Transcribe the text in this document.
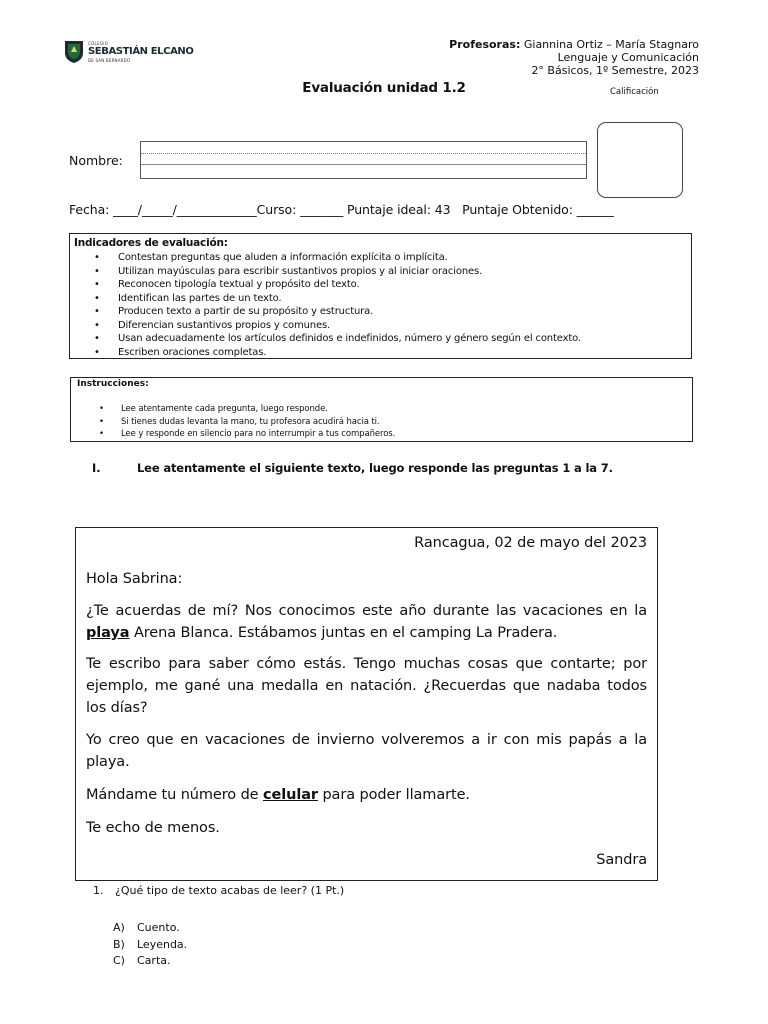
COLEGIO
SEBASTIÁN ELCANO
DE SAN BERNARDO
Profesoras: Giannina Ortiz – María Stagnaro
Lenguaje y Comunicación
2° Básicos, 1º Semestre, 2023
Evaluación unidad 1.2	Calificación
Nombre:
Fecha: ____/_____/_____________Curso: _______ Puntaje ideal: 43   Puntaje Obtenido: ______
Indicadores de evaluación:
• Contestan preguntas que aluden a información explícita o implícita.
• Utilizan mayúsculas para escribir sustantivos propios y al iniciar oraciones.
• Reconocen tipología textual y propósito del texto.
• Identifican las partes de un texto.
• Producen texto a partir de su propósito y estructura.
• Diferencian sustantivos propios y comunes.
• Usan adecuadamente los artículos definidos e indefinidos, número y género según el contexto.
• Escriben oraciones completas.
Instrucciones:
• Lee atentamente cada pregunta, luego responde.
• Si tienes dudas levanta la mano, tu profesora acudirá hacia ti.
• Lee y responde en silencio para no interrumpir a tus compañeros.
I.	Lee atentamente el siguiente texto, luego responde las preguntas 1 a la 7.
Rancagua, 02 de mayo del 2023

Hola Sabrina:

¿Te acuerdas de mí? Nos conocimos este año durante las vacaciones en la playa Arena Blanca. Estábamos juntas en el camping La Pradera.

Te escribo para saber cómo estás. Tengo muchas cosas que contarte; por ejemplo, me gané una medalla en natación. ¿Recuerdas que nadaba todos los días?

Yo creo que en vacaciones de invierno volveremos a ir con mis papás a la playa.

Mándame tu número de celular para poder llamarte.

Te echo de menos.

Sandra
1. ¿Qué tipo de texto acabas de leer? (1 Pt.)
A) Cuento.
B) Leyenda.
C) Carta.
